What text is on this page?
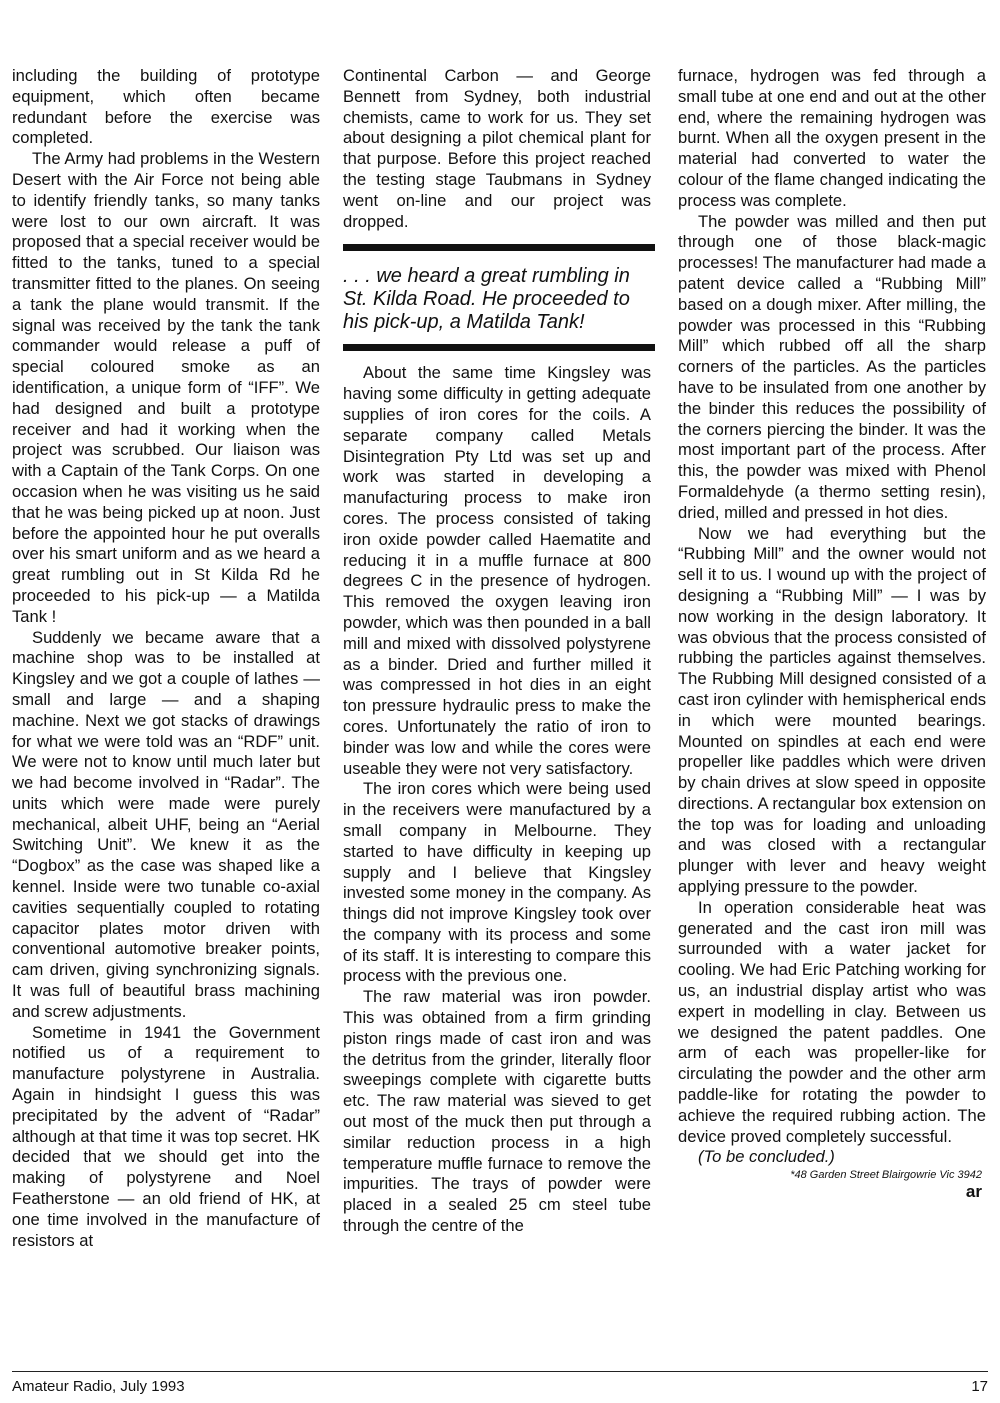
including the building of prototype equipment, which often became redundant before the exercise was completed.

The Army had problems in the Western Desert with the Air Force not being able to identify friendly tanks, so many tanks were lost to our own aircraft. It was proposed that a special receiver would be fitted to the tanks, tuned to a special transmitter fitted to the planes. On seeing a tank the plane would transmit. If the signal was received by the tank the tank commander would release a puff of special coloured smoke as an identification, a unique form of “IFF”. We had designed and built a prototype receiver and had it working when the project was scrubbed. Our liaison was with a Captain of the Tank Corps. On one occasion when he was visiting us he said that he was being picked up at noon. Just before the appointed hour he put overalls over his smart uniform and as we heard a great rumbling out in St Kilda Rd he proceeded to his pick-up — a Matilda Tank !

Suddenly we became aware that a machine shop was to be installed at Kingsley and we got a couple of lathes — small and large — and a shaping machine. Next we got stacks of drawings for what we were told was an “RDF” unit. We were not to know until much later but we had become involved in “Radar”. The units which were made were purely mechanical, albeit UHF, being an “Aerial Switching Unit”. We knew it as the “Dogbox” as the case was shaped like a kennel. Inside were two tunable co-axial cavities sequentially coupled to rotating capacitor plates motor driven with conventional automotive breaker points, cam driven, giving synchronizing signals. It was full of beautiful brass machining and screw adjustments.

Sometime in 1941 the Government notified us of a requirement to manufacture polystyrene in Australia. Again in hindsight I guess this was precipitated by the advent of “Radar” although at that time it was top secret. HK decided that we should get into the making of polystyrene and Noel Featherstone — an old friend of HK, at one time involved in the manufacture of resistors at

Continental Carbon — and George Bennett from Sydney, both industrial chemists, came to work for us. They set about designing a pilot chemical plant for that purpose. Before this project reached the testing stage Taubmans in Sydney went on-line and our project was dropped.

. . . we heard a great rumbling in St. Kilda Road. He proceeded to his pick-up, a Matilda Tank!

About the same time Kingsley was having some difficulty in getting adequate supplies of iron cores for the coils. A separate company called Metals Disintegration Pty Ltd was set up and work was started in developing a manufacturing process to make iron cores. The process consisted of taking iron oxide powder called Haematite and reducing it in a muffle furnace at 800 degrees C in the presence of hydrogen. This removed the oxygen leaving iron powder, which was then pounded in a ball mill and mixed with dissolved polystyrene as a binder. Dried and further milled it was compressed in hot dies in an eight ton pressure hydraulic press to make the cores. Unfortunately the ratio of iron to binder was low and while the cores were useable they were not very satisfactory.

The iron cores which were being used in the receivers were manufactured by a small company in Melbourne. They started to have difficulty in keeping up supply and I believe that Kingsley invested some money in the company. As things did not improve Kingsley took over the company with its process and some of its staff. It is interesting to compare this process with the previous one.

The raw material was iron powder. This was obtained from a firm grinding piston rings made of cast iron and was the detritus from the grinder, literally floor sweepings complete with cigarette butts etc. The raw material was sieved to get out most of the muck then put through a similar reduction process in a high temperature muffle furnace to remove the impurities. The trays of powder were placed in a sealed 25 cm steel tube through the centre of the

furnace, hydrogen was fed through a small tube at one end and out at the other end, where the remaining hydrogen was burnt. When all the oxygen present in the material had converted to water the colour of the flame changed indicating the process was complete.

The powder was milled and then put through one of those black-magic processes! The manufacturer had made a patent device called a “Rubbing Mill” based on a dough mixer. After milling, the powder was processed in this “Rubbing Mill” which rubbed off all the sharp corners of the particles. As the particles have to be insulated from one another by the binder this reduces the possibility of the corners piercing the binder. It was the most important part of the process. After this, the powder was mixed with Phenol Formaldehyde (a thermo setting resin), dried, milled and pressed in hot dies.

Now we had everything but the “Rubbing Mill” and the owner would not sell it to us. I wound up with the project of designing a “Rubbing Mill” — I was by now working in the design laboratory. It was obvious that the process consisted of rubbing the particles against themselves. The Rubbing Mill designed consisted of a cast iron cylinder with hemispherical ends in which were mounted bearings. Mounted on spindles at each end were propeller like paddles which were driven by chain drives at slow speed in opposite directions. A rectangular box extension on the top was for loading and unloading and was closed with a rectangular plunger with lever and heavy weight applying pressure to the powder.

In operation considerable heat was generated and the cast iron mill was surrounded with a water jacket for cooling. We had Eric Patching working for us, an industrial display artist who was expert in modelling in clay. Between us we designed the patent paddles. One arm of each was propeller-like for circulating the powder and the other arm paddle-like for rotating the powder to achieve the required rubbing action. The device proved completely successful.

(To be concluded.)

*48 Garden Street Blairgowrie Vic 3942

ar

Amateur Radio, July 1993	17
